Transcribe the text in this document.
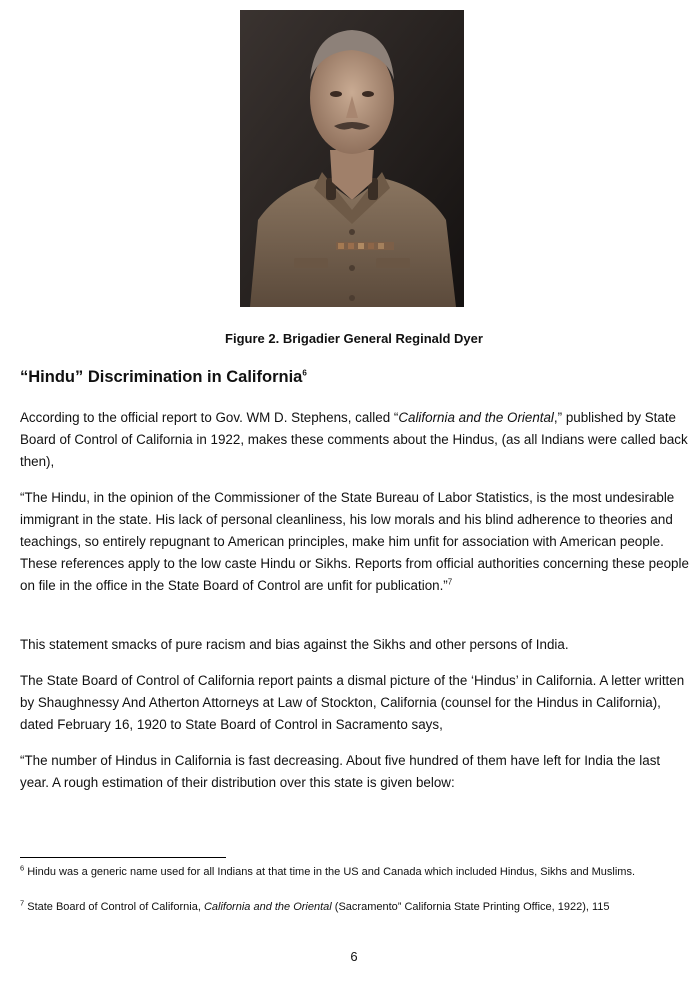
Figure 2. Brigadier General Reginald Dyer
“Hindu” Discrimination in California$^6$

According to the official report to Gov. WM D. Stephens, called “California and the Oriental,” published by State Board of Control of California in 1922, makes these comments about the Hindus, (as all Indians were called back then),

“The Hindu, in the opinion of the Commissioner of the State Bureau of Labor Statistics, is the most undesirable immigrant in the state. His lack of personal cleanliness, his low morals and his blind adherence to theories and teachings, so entirely repugnant to American principles, make him unfit for association with American people. These references apply to the low caste Hindu or Sikhs. Reports from official authorities concerning these people on file in the office in the State Board of Control are unfit for publication.”$^7$

This statement smacks of pure racism and bias against the Sikhs and other persons of India.

The State Board of Control of California report paints a dismal picture of the ‘Hindus’ in California. A letter written by Shaughnessy And Atherton Attorneys at Law of Stockton, California (counsel for the Hindus in California), dated February 16, 1920 to State Board of Control in Sacramento says,

“The number of Hindus in California is fast decreasing. About five hundred of them have left for India the last year. A rough estimation of their distribution over this state is given below:

$^6$ Hindu was a generic name used for all Indians at that time in the US and Canada which included Hindus, Sikhs and Muslims.

$^7$ State Board of Control of California, California and the Oriental (Sacramento” California State Printing Office, 1922), 115

6
